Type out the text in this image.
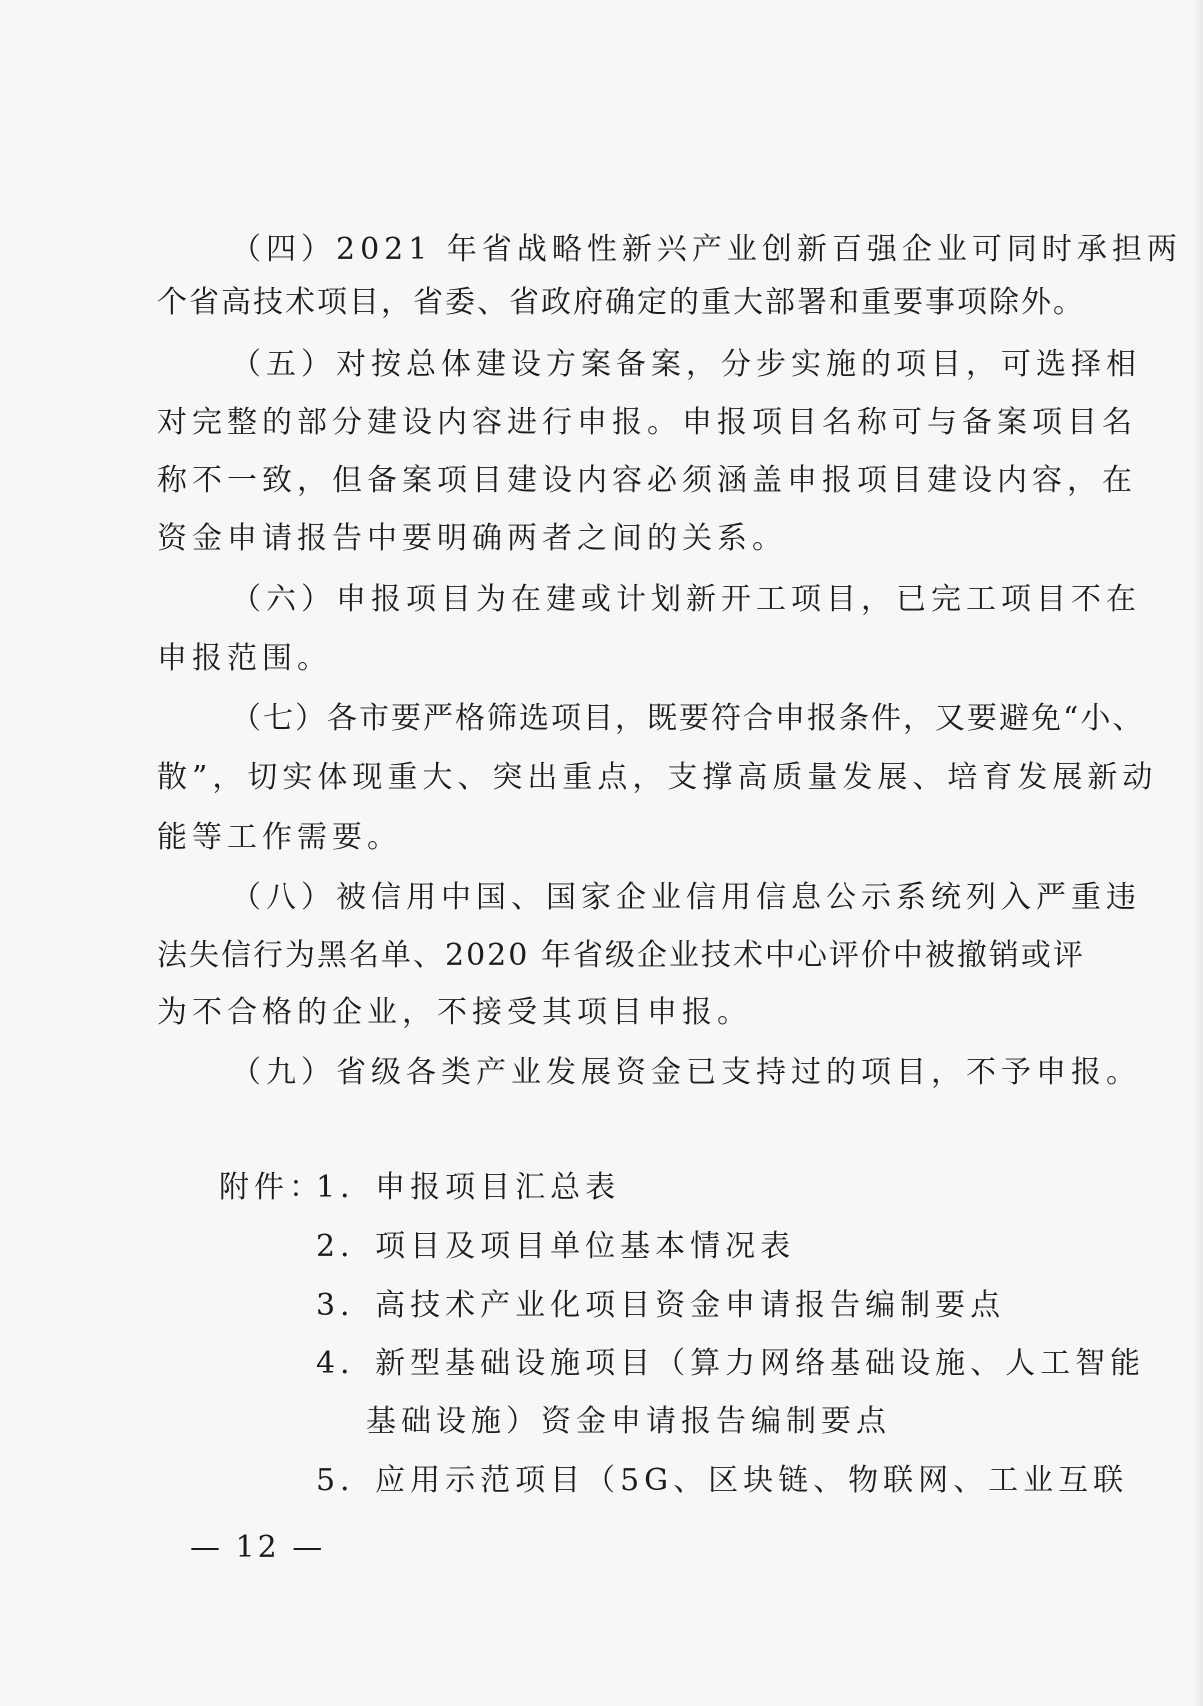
（四）2021 年省战略性新兴产业创新百强企业可同时承担两
个省高技术项目，省委、省政府确定的重大部署和重要事项除外。
（五）对按总体建设方案备案，分步实施的项目，可选择相
对完整的部分建设内容进行申报。申报项目名称可与备案项目名
称不一致，但备案项目建设内容必须涵盖申报项目建设内容，在
资金申请报告中要明确两者之间的关系。
（六）申报项目为在建或计划新开工项目，已完工项目不在
申报范围。
（七）各市要严格筛选项目，既要符合申报条件，又要避免“小、
散”，切实体现重大、突出重点，支撑高质量发展、培育发展新动
能等工作需要。
（八）被信用中国、国家企业信用信息公示系统列入严重违
法失信行为黑名单、2020 年省级企业技术中心评价中被撤销或评
为不合格的企业，不接受其项目申报。
（九）省级各类产业发展资金已支持过的项目，不予申报。
附件：
1．申报项目汇总表
2．项目及项目单位基本情况表
3．高技术产业化项目资金申请报告编制要点
4．新型基础设施项目（算力网络基础设施、人工智能
基础设施）资金申请报告编制要点
5．应用示范项目（5G、区块链、物联网、工业互联
— 12 —
